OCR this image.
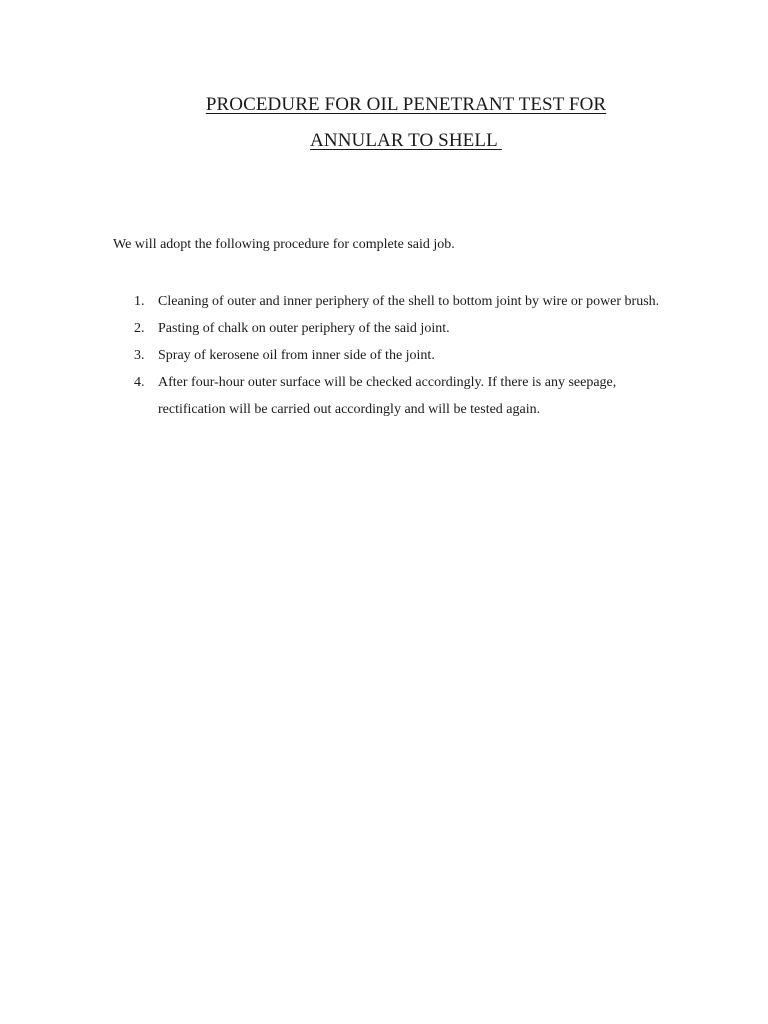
PROCEDURE FOR OIL PENETRANT TEST FOR
ANNULAR TO SHELL
We will adopt the following procedure for complete said job.
1. Cleaning of outer and inner periphery of the shell to bottom joint by wire or power brush.
2. Pasting of chalk on outer periphery of the said joint.
3. Spray of kerosene oil from inner side of the joint.
4. After four-hour outer surface will be checked accordingly. If there is any seepage, rectification will be carried out accordingly and will be tested again.
